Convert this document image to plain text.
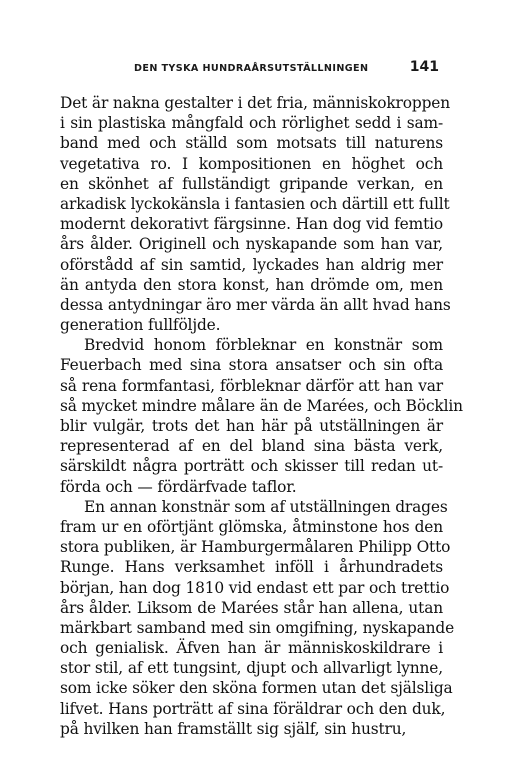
DEN TYSKA HUNDRAÅRSUTSTÄLLNINGEN	141
Det är nakna gestalter i det fria, människokroppen
i sin plastiska mångfald och rörlighet sedd i sam-
band med och ställd som motsats till naturens
vegetativa ro. I kompositionen en höghet och
en skönhet af fullständigt gripande verkan, en
arkadisk lyckokänsla i fantasien och därtill ett fullt
modernt dekorativt färgsinne. Han dog vid femtio
års ålder. Originell och nyskapande som han var,
oförstådd af sin samtid, lyckades han aldrig mer
än antyda den stora konst, han drömde om, men
dessa antydningar äro mer värda än allt hvad hans
generation fullföljde.
Bredvid honom förbleknar en konstnär som
Feuerbach med sina stora ansatser och sin ofta
så rena formfantasi, förbleknar därför att han var
så mycket mindre målare än de Marées, och Böcklin
blir vulgär, trots det han här på utställningen är
representerad af en del bland sina bästa verk,
särskildt några porträtt och skisser till redan ut-
förda och — fördärfvade taflor.
En annan konstnär som af utställningen drages
fram ur en oförtjänt glömska, åtminstone hos den
stora publiken, är Hamburgermålaren Philipp Otto
Runge. Hans verksamhet inföll i århundradets
början, han dog 1810 vid endast ett par och trettio
års ålder. Liksom de Marées står han allena, utan
märkbart samband med sin omgifning, nyskapande
och genialisk. Äfven han är människoskildrare i
stor stil, af ett tungsint, djupt och allvarligt lynne,
som icke söker den sköna formen utan det själsliga
lifvet. Hans porträtt af sina föräldrar och den duk,
på hvilken han framställt sig själf, sin hustru,
